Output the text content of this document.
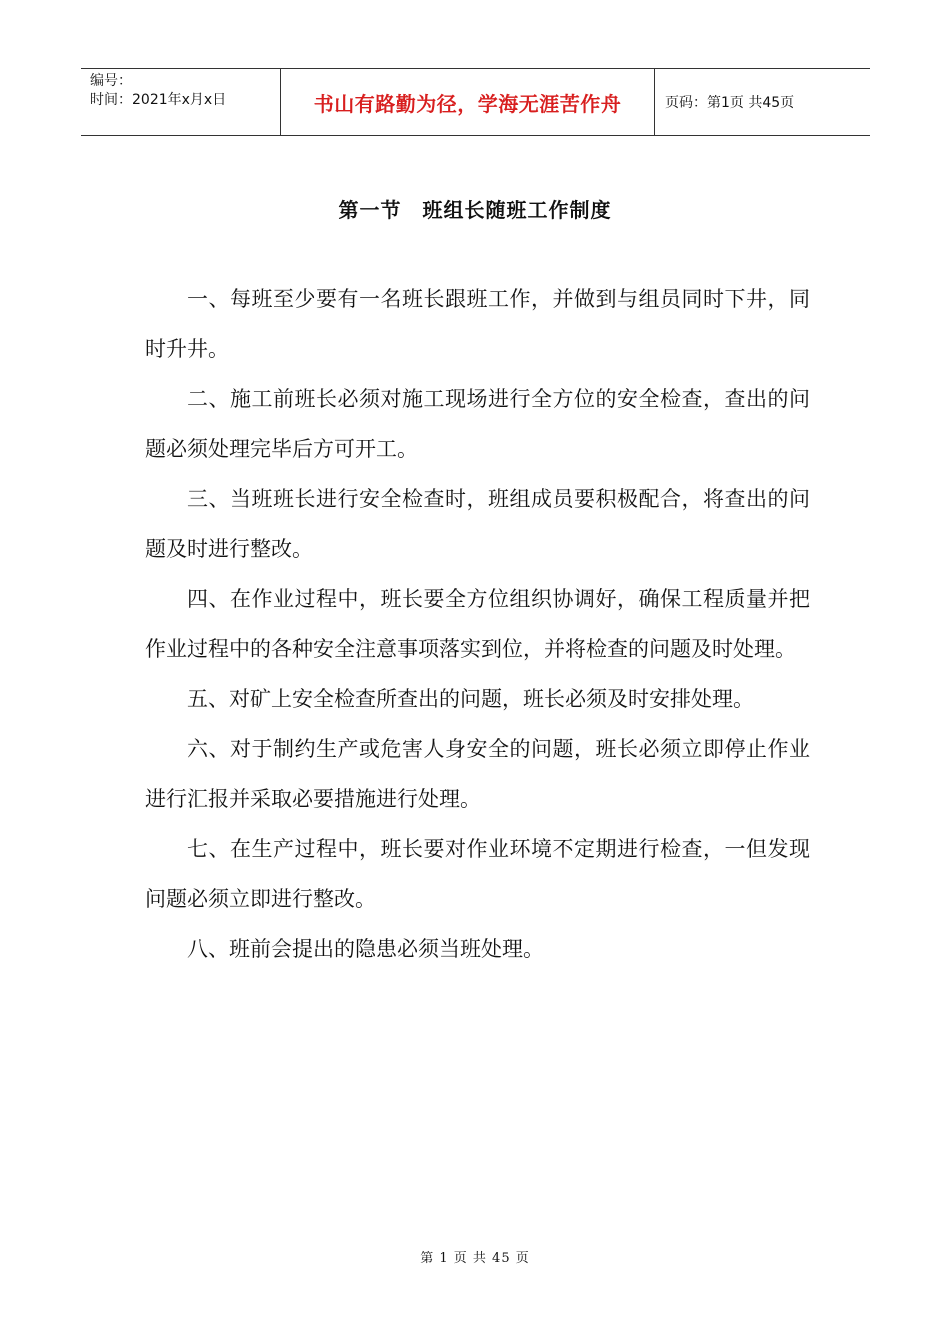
编号：
时间：2021年x月x日	书山有路勤为径，学海无涯苦作舟	页码：第1页 共45页
第一节　班组长随班工作制度

一、每班至少要有一名班长跟班工作，并做到与组员同时下井，同时升井。

二、施工前班长必须对施工现场进行全方位的安全检查，查出的问题必须处理完毕后方可开工。

三、当班班长进行安全检查时，班组成员要积极配合，将查出的问题及时进行整改。

四、在作业过程中，班长要全方位组织协调好，确保工程质量并把作业过程中的各种安全注意事项落实到位，并将检查的问题及时处理。

五、对矿上安全检查所查出的问题，班长必须及时安排处理。

六、对于制约生产或危害人身安全的问题，班长必须立即停止作业进行汇报并采取必要措施进行处理。

七、在生产过程中，班长要对作业环境不定期进行检查，一但发现问题必须立即进行整改。

八、班前会提出的隐患必须当班处理。

第 1 页 共 45 页
